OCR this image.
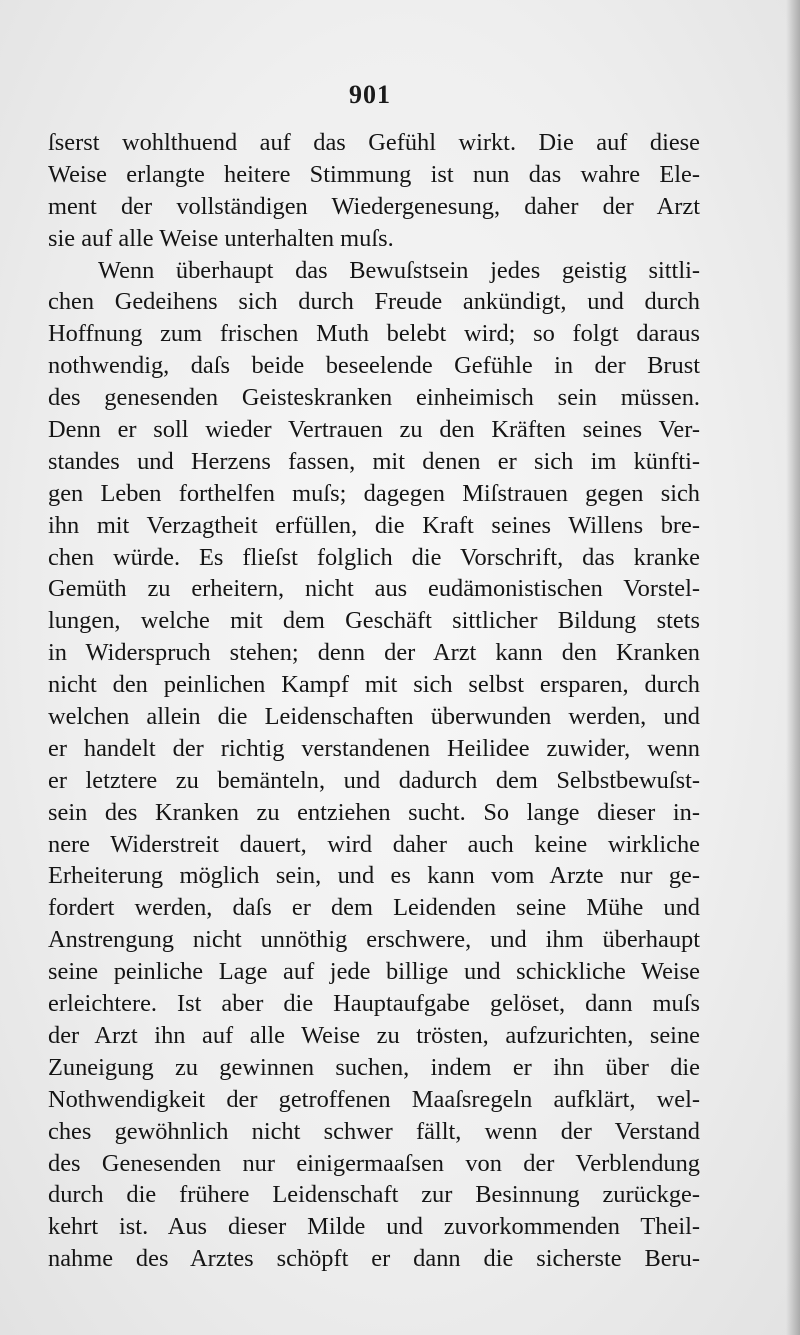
901
ſserst wohlthuend auf das Gefühl wirkt. Die auf diese
Weise erlangte heitere Stimmung ist nun das wahre Ele-
ment der vollständigen Wiedergenesung, daher der Arzt
sie auf alle Weise unterhalten muſs.
Wenn überhaupt das Bewuſstsein jedes geistig sittli-
chen Gedeihens sich durch Freude ankündigt, und durch
Hoffnung zum frischen Muth belebt wird; so folgt daraus
nothwendig, daſs beide beseelende Gefühle in der Brust
des genesenden Geisteskranken einheimisch sein müssen.
Denn er soll wieder Vertrauen zu den Kräften seines Ver-
standes und Herzens fassen, mit denen er sich im künfti-
gen Leben forthelfen muſs; dagegen Miſstrauen gegen sich
ihn mit Verzagtheit erfüllen, die Kraft seines Willens bre-
chen würde. Es flieſst folglich die Vorschrift, das kranke
Gemüth zu erheitern, nicht aus eudämonistischen Vorstel-
lungen, welche mit dem Geschäft sittlicher Bildung stets
in Widerspruch stehen; denn der Arzt kann den Kranken
nicht den peinlichen Kampf mit sich selbst ersparen, durch
welchen allein die Leidenschaften überwunden werden, und
er handelt der richtig verstandenen Heilidee zuwider, wenn
er letztere zu bemänteln, und dadurch dem Selbstbewuſst-
sein des Kranken zu entziehen sucht. So lange dieser in-
nere Widerstreit dauert, wird daher auch keine wirkliche
Erheiterung möglich sein, und es kann vom Arzte nur ge-
fordert werden, daſs er dem Leidenden seine Mühe und
Anstrengung nicht unnöthig erschwere, und ihm überhaupt
seine peinliche Lage auf jede billige und schickliche Weise
erleichtere. Ist aber die Hauptaufgabe gelöset, dann muſs
der Arzt ihn auf alle Weise zu trösten, aufzurichten, seine
Zuneigung zu gewinnen suchen, indem er ihn über die
Nothwendigkeit der getroffenen Maaſsregeln aufklärt, wel-
ches gewöhnlich nicht schwer fällt, wenn der Verstand
des Genesenden nur einigermaaſsen von der Verblendung
durch die frühere Leidenschaft zur Besinnung zurückge-
kehrt ist. Aus dieser Milde und zuvorkommenden Theil-
nahme des Arztes schöpft er dann die sicherste Beru-
